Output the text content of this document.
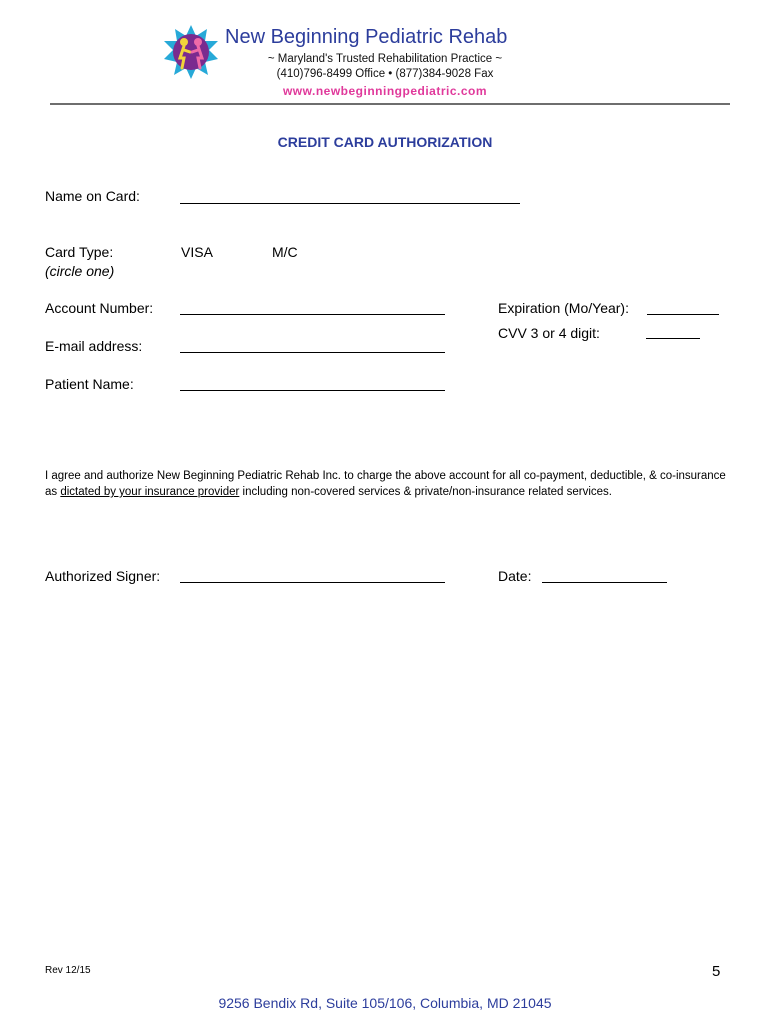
New Beginning Pediatric Rehab
~ Maryland's Trusted Rehabilitation Practice ~
(410)796-8499 Office • (877)384-9028 Fax
www.newbeginningpediatric.com
CREDIT CARD AUTHORIZATION
Name on Card:
Card Type:
(circle one)
VISA	M/C
Account Number:	Expiration (Mo/Year):
CVV 3 or 4 digit:
E-mail address:
Patient Name:
I agree and authorize New Beginning Pediatric Rehab Inc. to charge the above account for all co-payment, deductible, & co-insurance as dictated by your insurance provider including non-covered services & private/non-insurance related services.
Authorized Signer:	Date:
Rev 12/15	5
9256 Bendix Rd, Suite 105/106, Columbia, MD 21045
